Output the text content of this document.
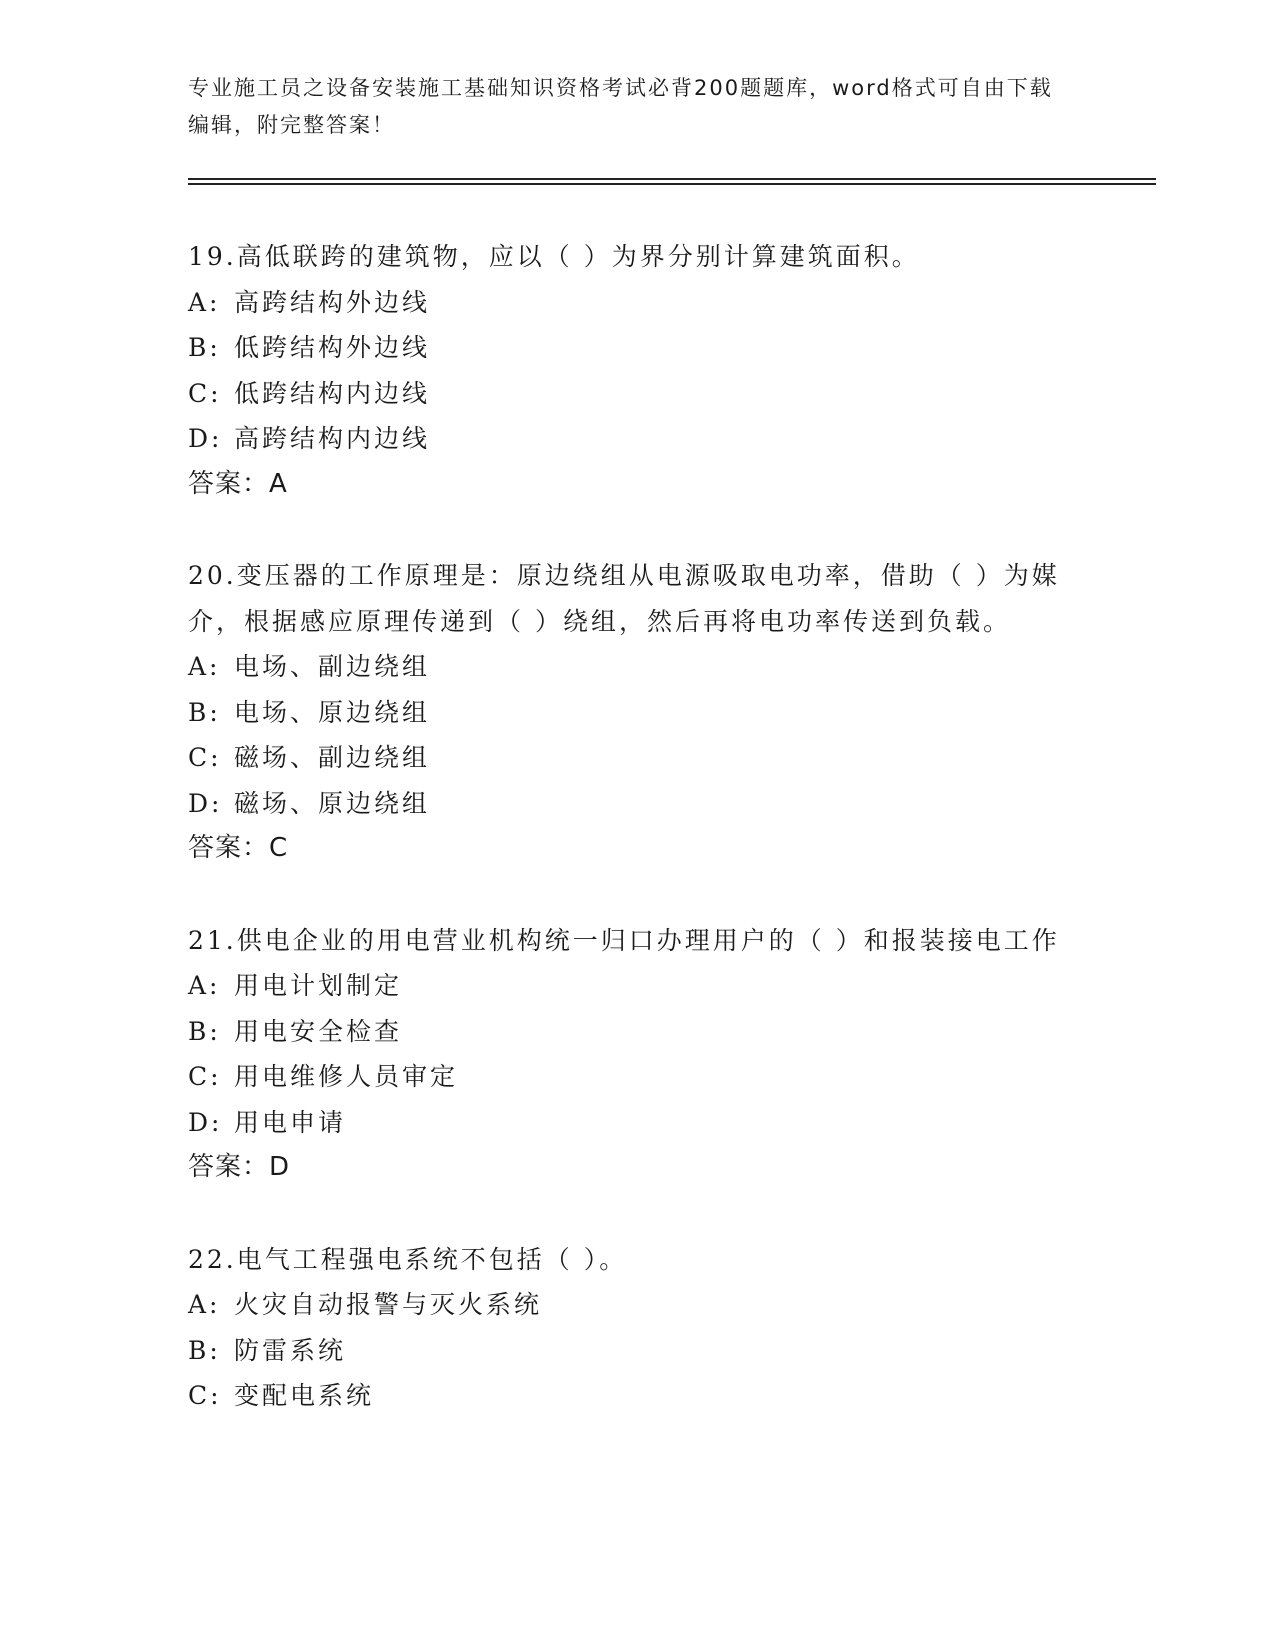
专业施工员之设备安装施工基础知识资格考试必背200题题库，word格式可自由下载编辑，附完整答案！

19.高低联跨的建筑物，应以（ ）为界分别计算建筑面积。

A: 高跨结构外边线
B: 低跨结构外边线
C: 低跨结构内边线
D: 高跨结构内边线
答案：A

20.变压器的工作原理是：原边绕组从电源吸取电功率，借助（ ）为媒介，根据感应原理传递到（ ）绕组，然后再将电功率传送到负载。

A: 电场、副边绕组
B: 电场、原边绕组
C: 磁场、副边绕组
D: 磁场、原边绕组
答案：C

21.供电企业的用电营业机构统一归口办理用户的（ ）和报装接电工作

A: 用电计划制定
B: 用电安全检查
C: 用电维修人员审定
D: 用电申请
答案：D

22.电气工程强电系统不包括（ ）。

A: 火灾自动报警与灭火系统
B: 防雷系统
C: 变配电系统
